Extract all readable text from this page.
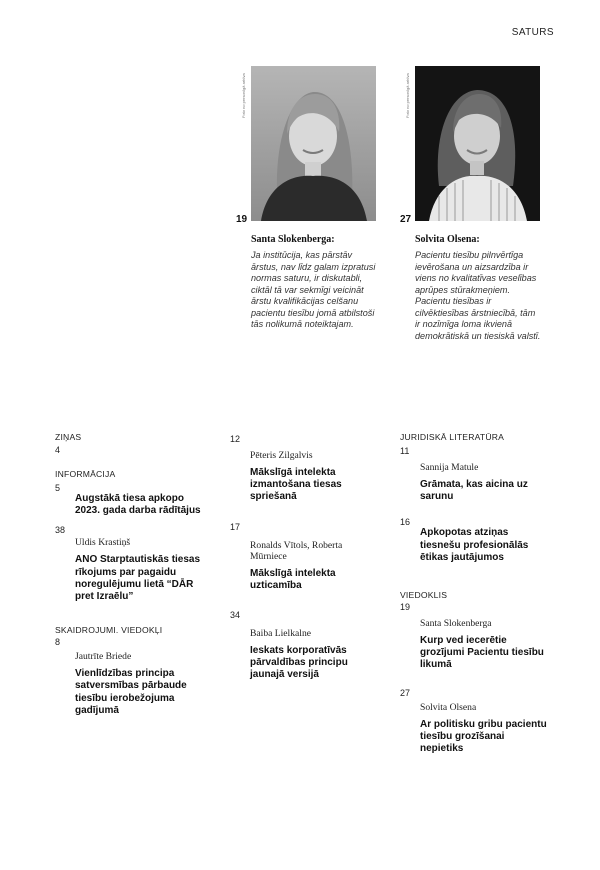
SATURS
Foto no personīgā arhīva
19
Santa Slokenberga:
Ja institūcija, kas pārstāv ārstus, nav līdz galam izpratusi normas saturu, ir diskutabli, ciktāl tā var sekmīgi veicināt ārstu kvalifikācijas celšanu pacientu tiesību jomā atbilstoši tās nolikumā noteiktajam.
Foto no personīgā arhīva
27
Solvita Olsena:
Pacientu tiesību pilnvērtīga ievērošana un aizsardzība ir viens no kvalitatīvas veselības aprūpes stūrakmeņiem. Pacientu tiesības ir cilvēktiesības ārstniecībā, tām ir nozīmīga loma ikvienā demokrātiskā un tiesiskā valstī.
ZIŅAS
4
INFORMĀCIJA
5
Augstākā tiesa apkopo 2023. gada darba rādītājus
38
Uldis Krastiņš
ANO Starptautiskās tiesas rīkojums par pagaidu noregulējumu lietā “DĀR pret Izraēlu”
SKAIDROJUMI. VIEDOKĻI
8
Jautrīte Briede
Vienlīdzības principa satversmības pārbaude tiesību ierobežojuma gadījumā
12
Pēteris Zilgalvis
Mākslīgā intelekta izmantošana tiesas spriešanā
17
Ronalds Vītols, Roberta Mūrniece
Mākslīgā intelekta uzticamība
34
Baiba Lielkalne
Ieskats korporatīvās pārvaldības principu jaunajā versijā
JURIDISKĀ LITERATŪRA
11
Sannija Matule
Grāmata, kas aicina uz sarunu
16
Apkopotas atziņas tiesnešu profesionālās ētikas jautājumos
VIEDOKLIS
19
Santa Slokenberga
Kurp ved iecerētie grozījumi Pacientu tiesību likumā
27
Solvita Olsena
Ar politisku gribu pacientu tiesību grozīšanai nepietiks
